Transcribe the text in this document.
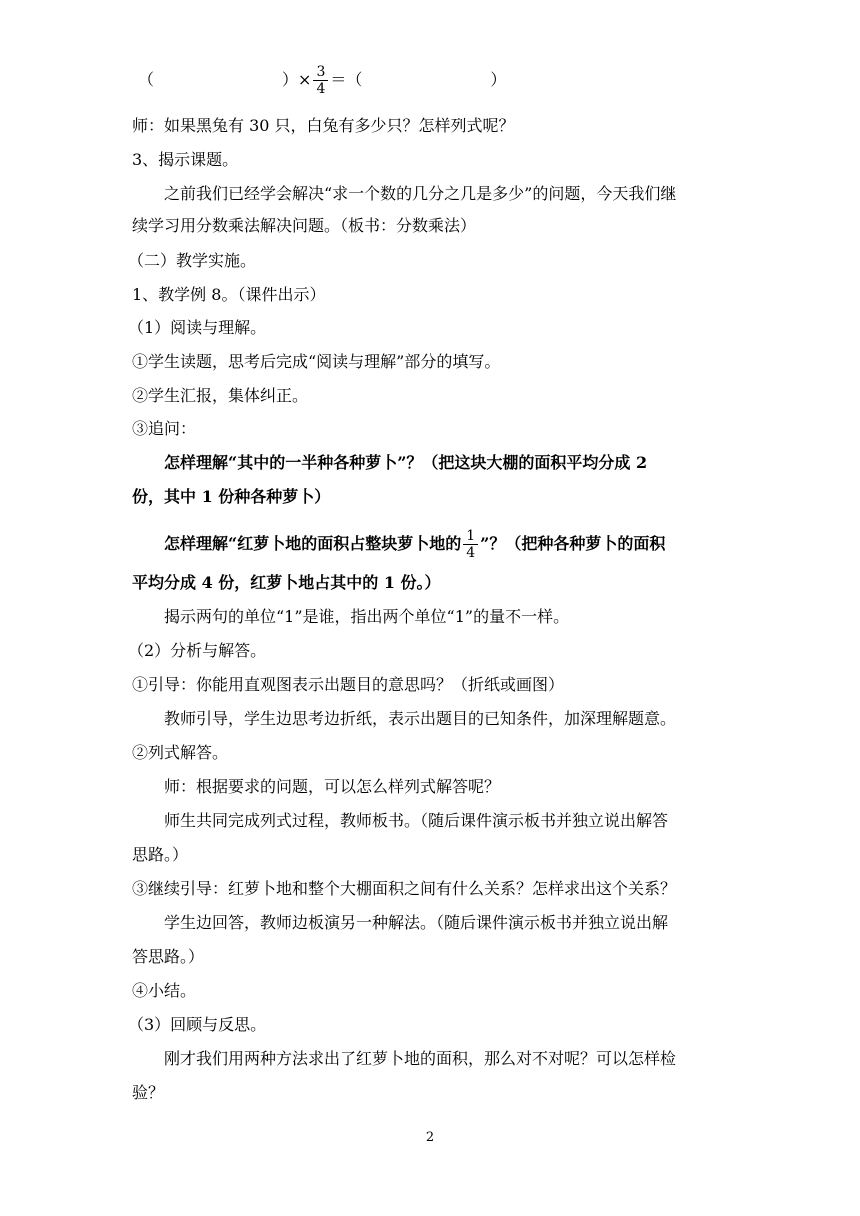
（	）× $\frac{3}{4}$ ＝（	）
师：如果黑兔有 30 只，白兔有多少只？怎样列式呢？
3、揭示课题。
之前我们已经学会解决“求一个数的几分之几是多少”的问题，今天我们继
续学习用分数乘法解决问题。（板书：分数乘法）
（二）教学实施。
1、教学例 8。（课件出示）
（1）阅读与理解。
①学生读题，思考后完成“阅读与理解”部分的填写。
②学生汇报，集体纠正。
③追问：
怎样理解“其中的一半种各种萝卜”？（把这块大棚的面积平均分成 2
份，其中 1 份种各种萝卜）
怎样理解“红萝卜地的面积占整块萝卜地的 $\frac{1}{4}$ ”？（把种各种萝卜的面积
平均分成 4 份，红萝卜地占其中的 1 份。）
揭示两句的单位“1”是谁，指出两个单位“1”的量不一样。
（2）分析与解答。
①引导：你能用直观图表示出题目的意思吗？（折纸或画图）
教师引导，学生边思考边折纸，表示出题目的已知条件，加深理解题意。
②列式解答。
师：根据要求的问题，可以怎么样列式解答呢？
师生共同完成列式过程，教师板书。（随后课件演示板书并独立说出解答
思路。）
③继续引导：红萝卜地和整个大棚面积之间有什么关系？怎样求出这个关系？
学生边回答，教师边板演另一种解法。（随后课件演示板书并独立说出解
答思路。）
④小结。
（3）回顾与反思。
刚才我们用两种方法求出了红萝卜地的面积，那么对不对呢？可以怎样检
验？
2
